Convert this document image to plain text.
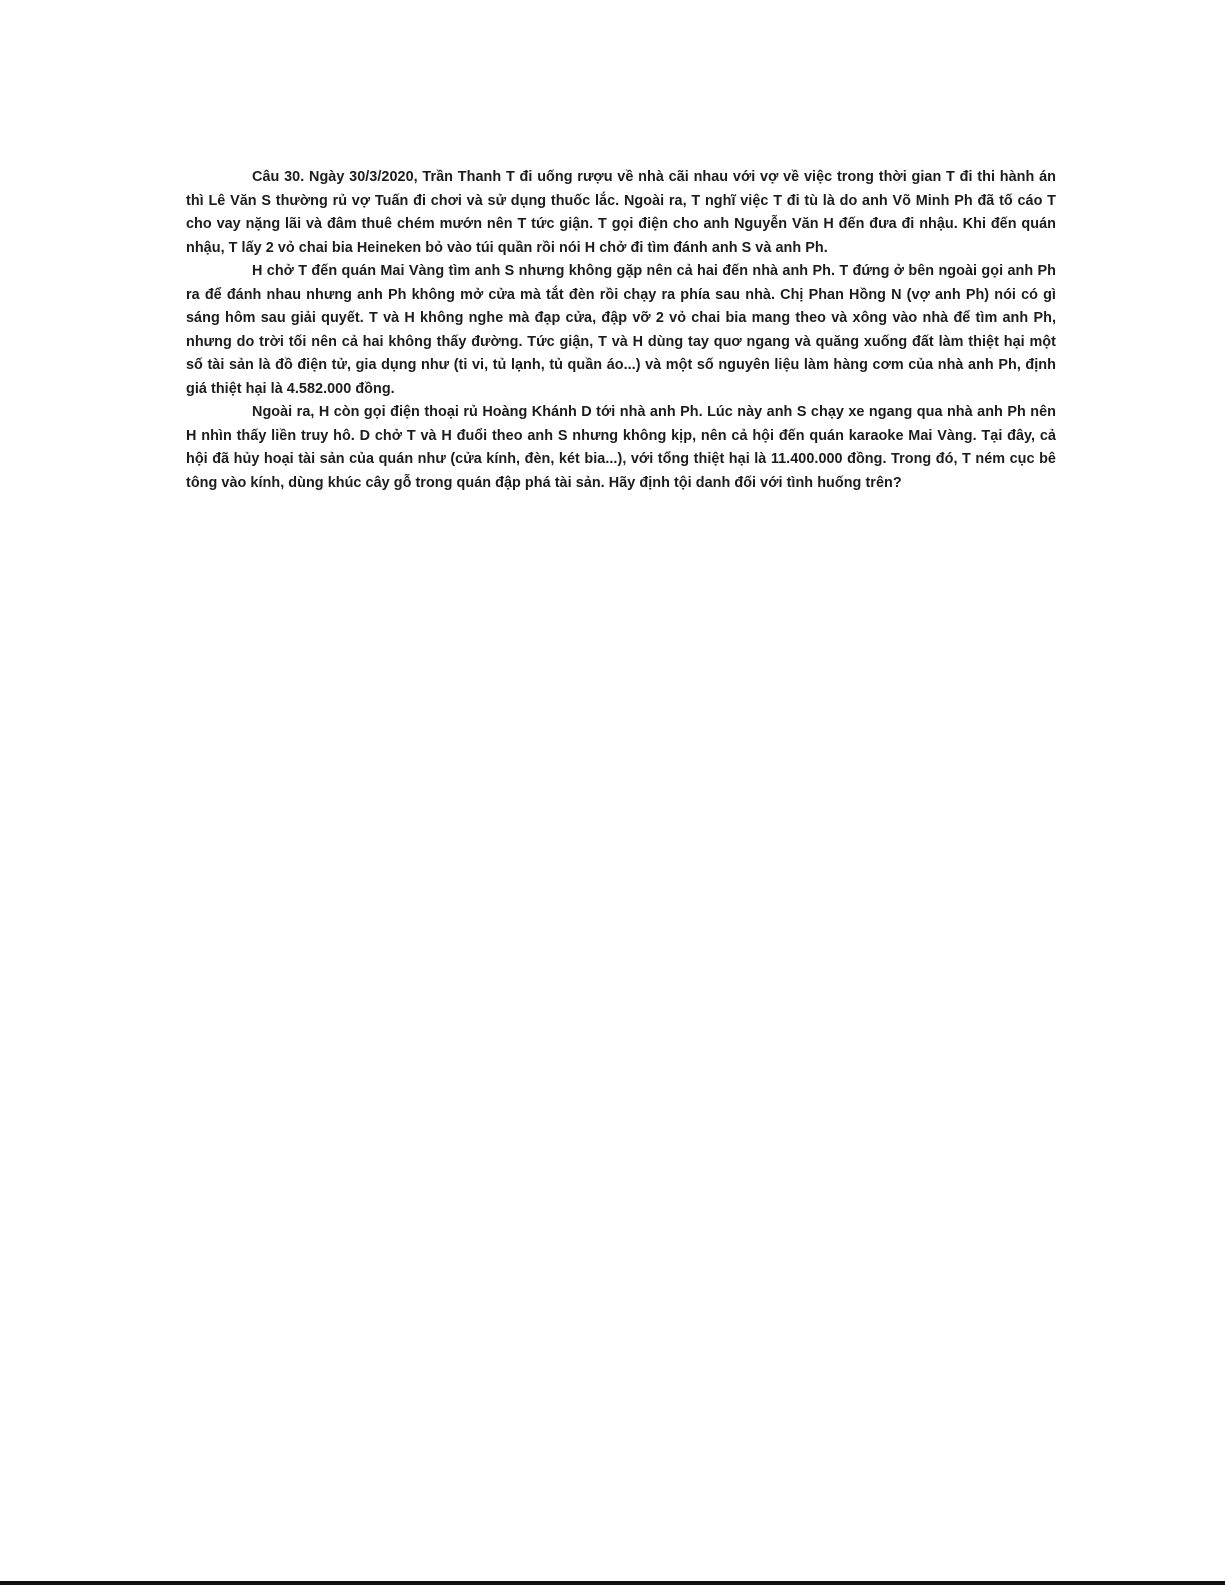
Câu 30. Ngày 30/3/2020, Trần Thanh T đi uống rượu về nhà cãi nhau với vợ về việc trong thời gian T đi thi hành án thì Lê Văn S thường rủ vợ Tuấn đi chơi và sử dụng thuốc lắc. Ngoài ra, T nghĩ việc T đi tù là do anh Võ Minh Ph đã tố cáo T cho vay nặng lãi và đâm thuê chém mướn nên T tức giận. T gọi điện cho anh Nguyễn Văn H đến đưa đi nhậu. Khi đến quán nhậu, T lấy 2 vỏ chai bia Heineken bỏ vào túi quần rồi nói H chở đi tìm đánh anh S và anh Ph.

H chở T đến quán Mai Vàng tìm anh S nhưng không gặp nên cả hai đến nhà anh Ph. T đứng ở bên ngoài gọi anh Ph ra để đánh nhau nhưng anh Ph không mở cửa mà tắt đèn rồi chạy ra phía sau nhà. Chị Phan Hồng N (vợ anh Ph) nói có gì sáng hôm sau giải quyết. T và H không nghe mà đạp cửa, đập vỡ 2 vỏ chai bia mang theo và xông vào nhà để tìm anh Ph, nhưng do trời tối nên cả hai không thấy đường. Tức giận, T và H dùng tay quơ ngang và quăng xuống đất làm thiệt hại một số tài sản là đồ điện tử, gia dụng như (ti vi, tủ lạnh, tủ quần áo...) và một số nguyên liệu làm hàng cơm của nhà anh Ph, định giá thiệt hại là 4.582.000 đồng.

Ngoài ra, H còn gọi điện thoại rủ Hoàng Khánh D tới nhà anh Ph. Lúc này anh S chạy xe ngang qua nhà anh Ph nên H nhìn thấy liền truy hô. D chở T và H đuổi theo anh S nhưng không kịp, nên cả hội đến quán karaoke Mai Vàng. Tại đây, cả hội đã hủy hoại tài sản của quán như (cửa kính, đèn, két bia...), với tổng thiệt hại là 11.400.000 đồng. Trong đó, T ném cục bê tông vào kính, dùng khúc cây gỗ trong quán đập phá tài sản. Hãy định tội danh đối với tình huống trên?
